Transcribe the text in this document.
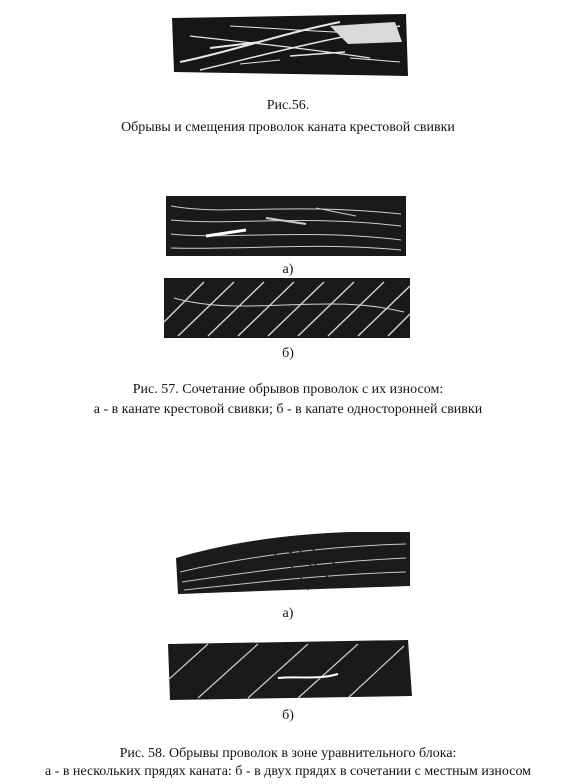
Рис.56.
Обрывы и смещения проволок каната крестовой свивки
а)
б)
Рис. 57. Сочетание обрывов проволок с их износом:
а - в канате крестовой свивки; б - в капате односторонней свивки
а)
б)
Рис. 58. Обрывы проволок в зоне уравнительного блока:
а - в нескольких прядях каната: б - в двух прядях в сочетании с местным износом
